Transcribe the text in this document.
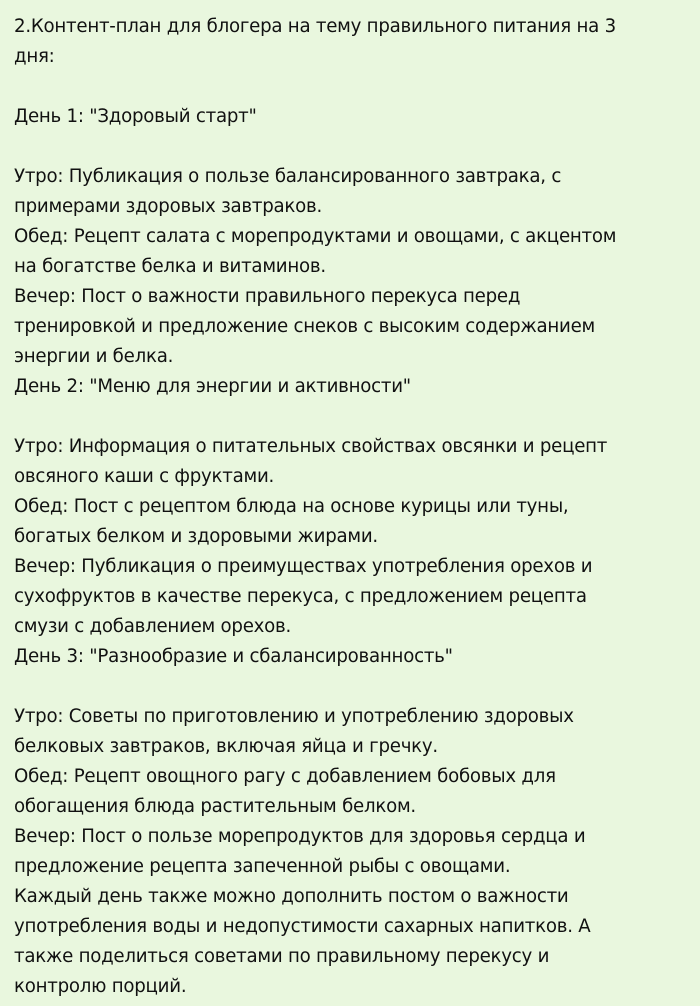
2.Контент-план для блогера на тему правильного питания на 3
дня:
День 1: "Здоровый старт"
Утро: Публикация о пользе балансированного завтрака, с
примерами здоровых завтраков.
Обед: Рецепт салата с морепродуктами и овощами, с акцентом
на богатстве белка и витаминов.
Вечер: Пост о важности правильного перекуса перед
тренировкой и предложение снеков с высоким содержанием
энергии и белка.
День 2: "Меню для энергии и активности"
Утро: Информация о питательных свойствах овсянки и рецепт
овсяного каши с фруктами.
Обед: Пост с рецептом блюда на основе курицы или туны,
богатых белком и здоровыми жирами.
Вечер: Публикация о преимуществах употребления орехов и
сухофруктов в качестве перекуса, с предложением рецепта
смузи с добавлением орехов.
День 3: "Разнообразие и сбалансированность"
Утро: Советы по приготовлению и употреблению здоровых
белковых завтраков, включая яйца и гречку.
Обед: Рецепт овощного рагу с добавлением бобовых для
обогащения блюда растительным белком.
Вечер: Пост о пользе морепродуктов для здоровья сердца и
предложение рецепта запеченной рыбы с овощами.
Каждый день также можно дополнить постом о важности
употребления воды и недопустимости сахарных напитков. А
также поделиться советами по правильному перекусу и
контролю порций.
